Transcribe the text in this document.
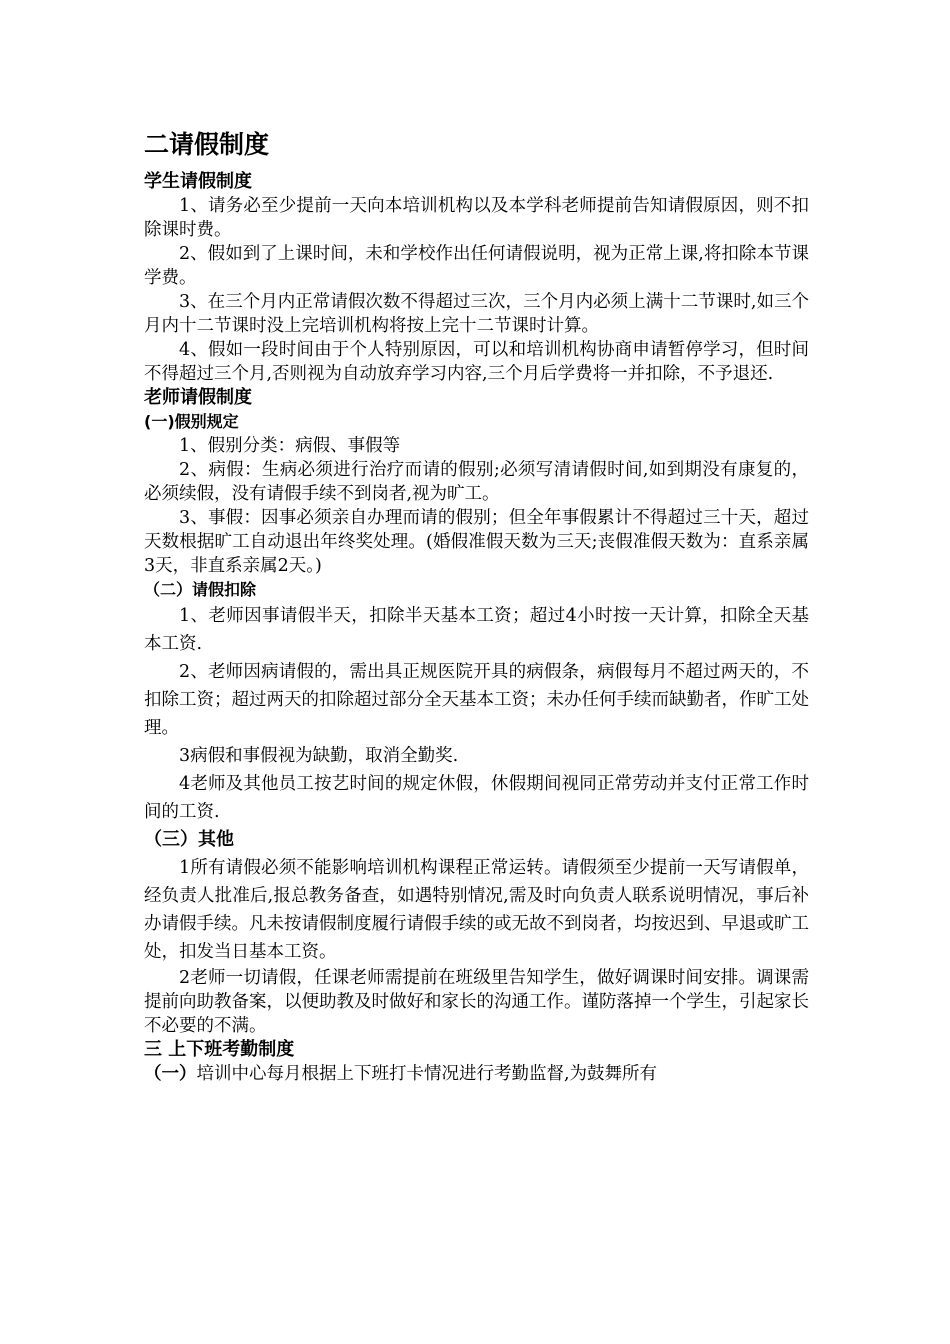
二请假制度
学生请假制度
1、请务必至少提前一天向本培训机构以及本学科老师提前告知请假原因，则不扣除课时费。
2、假如到了上课时间，未和学校作出任何请假说明，视为正常上课,将扣除本节课学费。
3、在三个月内正常请假次数不得超过三次，三个月内必须上满十二节课时,如三个月内十二节课时没上完培训机构将按上完十二节课时计算。
4、假如一段时间由于个人特别原因，可以和培训机构协商申请暂停学习，但时间不得超过三个月,否则视为自动放弃学习内容,三个月后学费将一并扣除，不予退还.
老师请假制度
(一)假别规定
1、假别分类：病假、事假等
2、病假：生病必须进行治疗而请的假别;必须写清请假时间,如到期没有康复的，必须续假，没有请假手续不到岗者,视为旷工。
3、事假：因事必须亲自办理而请的假别；但全年事假累计不得超过三十天，超过天数根据旷工自动退出年终奖处理。(婚假准假天数为三天;丧假准假天数为：直系亲属3天，非直系亲属2天。)
（二）请假扣除
1、老师因事请假半天，扣除半天基本工资；超过4小时按一天计算，扣除全天基本工资.
2、老师因病请假的，需出具正规医院开具的病假条，病假每月不超过两天的，不扣除工资；超过两天的扣除超过部分全天基本工资；未办任何手续而缺勤者，作旷工处理。
3病假和事假视为缺勤，取消全勤奖.
4老师及其他员工按艺时间的规定休假，休假期间视同正常劳动并支付正常工作时间的工资.
（三）其他
1所有请假必须不能影响培训机构课程正常运转。请假须至少提前一天写请假单，经负责人批准后,报总教务备查，如遇特别情况,需及时向负责人联系说明情况，事后补办请假手续。凡未按请假制度履行请假手续的或无故不到岗者，均按迟到、早退或旷工处，扣发当日基本工资。
2老师一切请假，任课老师需提前在班级里告知学生，做好调课时间安排。调课需提前向助教备案，以便助教及时做好和家长的沟通工作。谨防落掉一个学生，引起家长不必要的不满。
三 上下班考勤制度
（一）培训中心每月根据上下班打卡情况进行考勤监督,为鼓舞所有
